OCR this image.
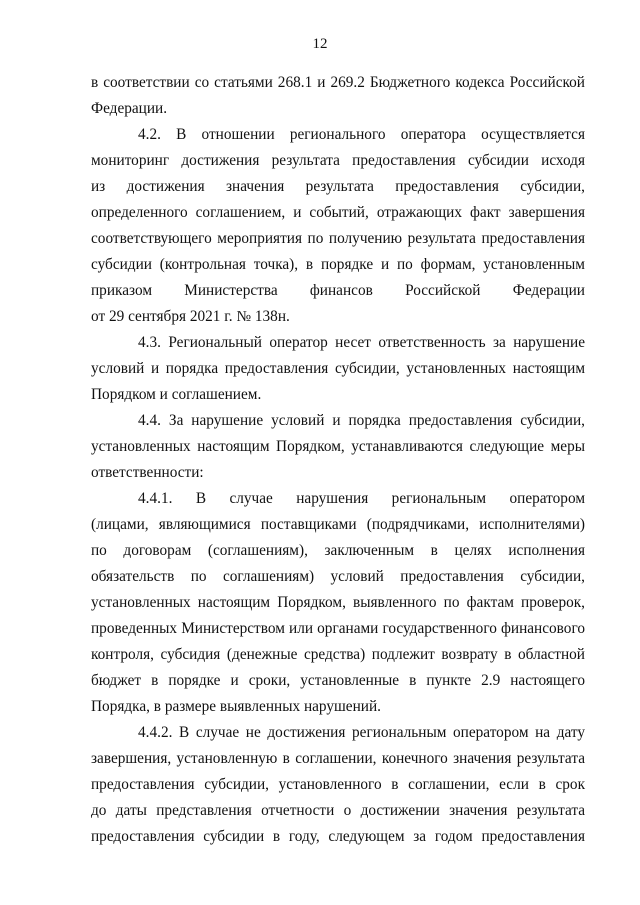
12
в соответствии со статьями 268.1 и 269.2 Бюджетного кодекса Российской
Федерации.
4.2. В отношении регионального оператора осуществляется
мониторинг достижения результата предоставления субсидии исходя
из достижения значения результата предоставления субсидии,
определенного соглашением, и событий, отражающих факт завершения
соответствующего мероприятия по получению результата предоставления
субсидии (контрольная точка), в порядке и по формам, установленным
приказом Министерства финансов Российской Федерации
от 29 сентября 2021 г. № 138н.
4.3. Региональный оператор несет ответственность за нарушение
условий и порядка предоставления субсидии, установленных настоящим
Порядком и соглашением.
4.4. За нарушение условий и порядка предоставления субсидии,
установленных настоящим Порядком, устанавливаются следующие меры
ответственности:
4.4.1. В случае нарушения региональным оператором
(лицами, являющимися поставщиками (подрядчиками, исполнителями)
по договорам (соглашениям), заключенным в целях исполнения
обязательств по соглашениям) условий предоставления субсидии,
установленных настоящим Порядком, выявленного по фактам проверок,
проведенных Министерством или органами государственного финансового
контроля, субсидия (денежные средства) подлежит возврату в областной
бюджет в порядке и сроки, установленные в пункте 2.9 настоящего
Порядка, в размере выявленных нарушений.
4.4.2. В случае не достижения региональным оператором на дату
завершения, установленную в соглашении, конечного значения результата
предоставления субсидии, установленного в соглашении, если в срок
до даты представления отчетности о достижении значения результата
предоставления субсидии в году, следующем за годом предоставления
